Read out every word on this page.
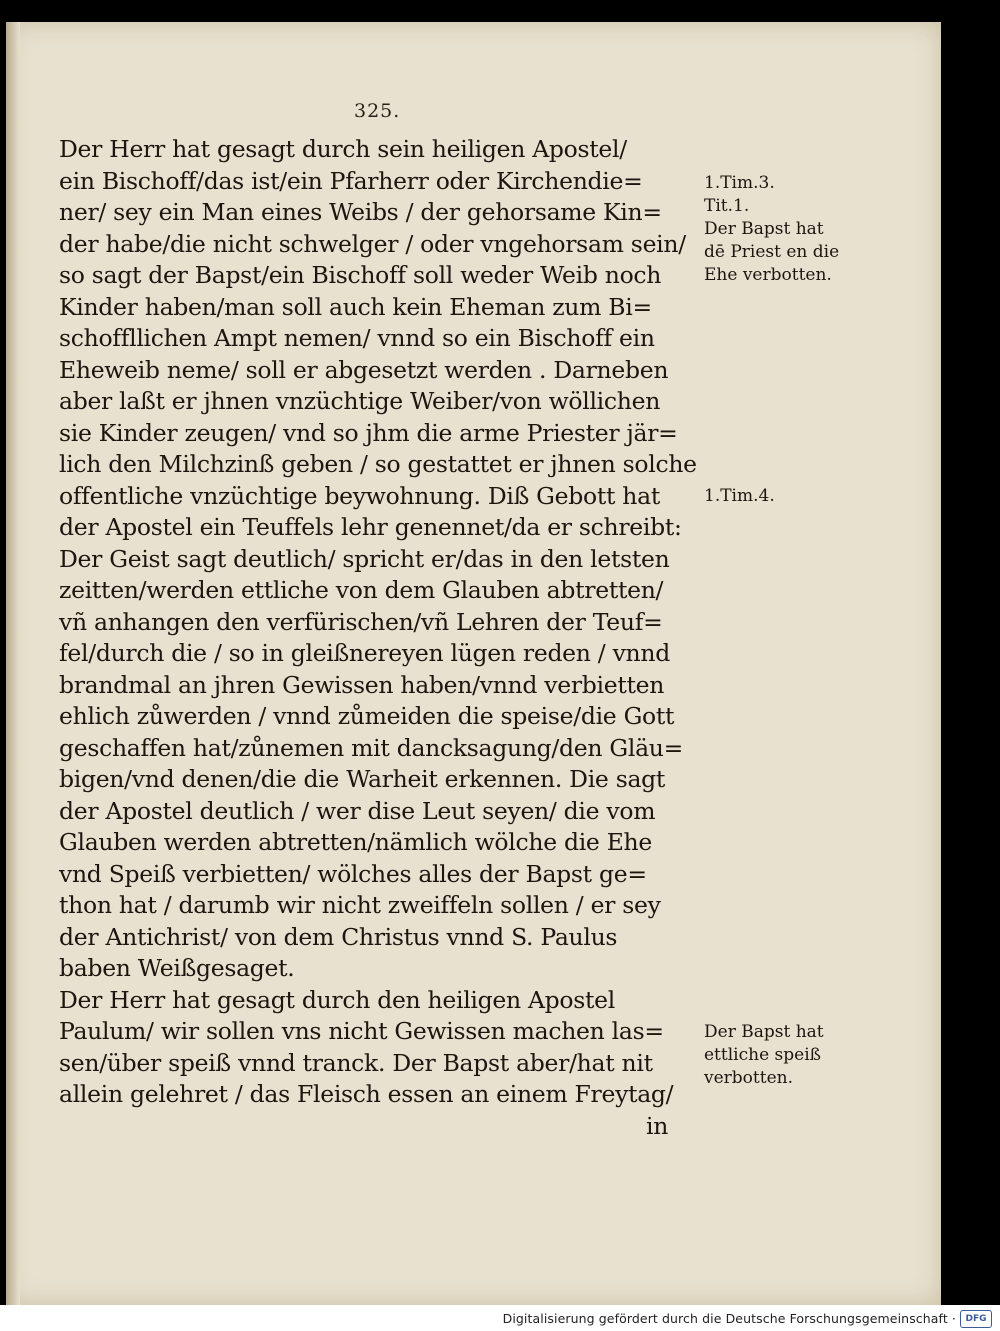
325.
Der Herr hat gesagt durch sein heiligen Apostel/
ein Bischoff/das ist/ein Pfarherr oder Kirchendie=
ner/ sey ein Man eines Weibs / der gehorsame Kin=
der habe/die nicht schwelger / oder vngehorsam sein/
so sagt der Bapst/ein Bischoff soll weder Weib noch
Kinder haben/man soll auch kein Eheman zum Bi=
schoffllichen Ampt nemen/ vnnd so ein Bischoff ein
Eheweib neme/ soll er abgesetzt werden . Darneben
aber laßt er jhnen vnzüchtige Weiber/von wöllichen
sie Kinder zeugen/ vnd so jhm die arme Priester jär=
lich den Milchzinß geben / so gestattet er jhnen solche
offentliche vnzüchtige beywohnung. Diß Gebott hat
der Apostel ein Teuffels lehr genennet/da er schreibt:
Der Geist sagt deutlich/ spricht er/das in den letsten
zeitten/werden ettliche von dem Glauben abtretten/
vñ anhangen den verfürischen/vñ Lehren der Teuf=
fel/durch die / so in gleißnereyen lügen reden / vnnd
brandmal an jhren Gewissen haben/vnnd verbietten
ehlich zůwerden / vnnd zůmeiden die speise/die Gott
geschaffen hat/zůnemen mit dancksagung/den Gläu=
bigen/vnd denen/die die Warheit erkennen. Die sagt
der Apostel deutlich / wer dise Leut seyen/ die vom
Glauben werden abtretten/nämlich wölche die Ehe
vnd Speiß verbietten/ wölches alles der Bapst ge=
thon hat / darumb wir nicht zweiffeln sollen / er sey
der Antichrist/ von dem Christus vnnd S. Paulus
baben Weißgesaget.
Der Herr hat gesagt durch den heiligen Apostel
Paulum/ wir sollen vns nicht Gewissen machen las=
sen/über speiß vnnd tranck. Der Bapst aber/hat nit
allein gelehret / das Fleisch essen an einem Freytag/
in
1.Tim.3.
Tit.1.
Der Bapst hat
dē Priest en die
Ehe verbotten.
1.Tim.4.
Der Bapst hat
ettliche speiß
verbotten.
Digitalisierung gefördert durch die Deutsche Forschungsgemeinschaft ·	DFG
